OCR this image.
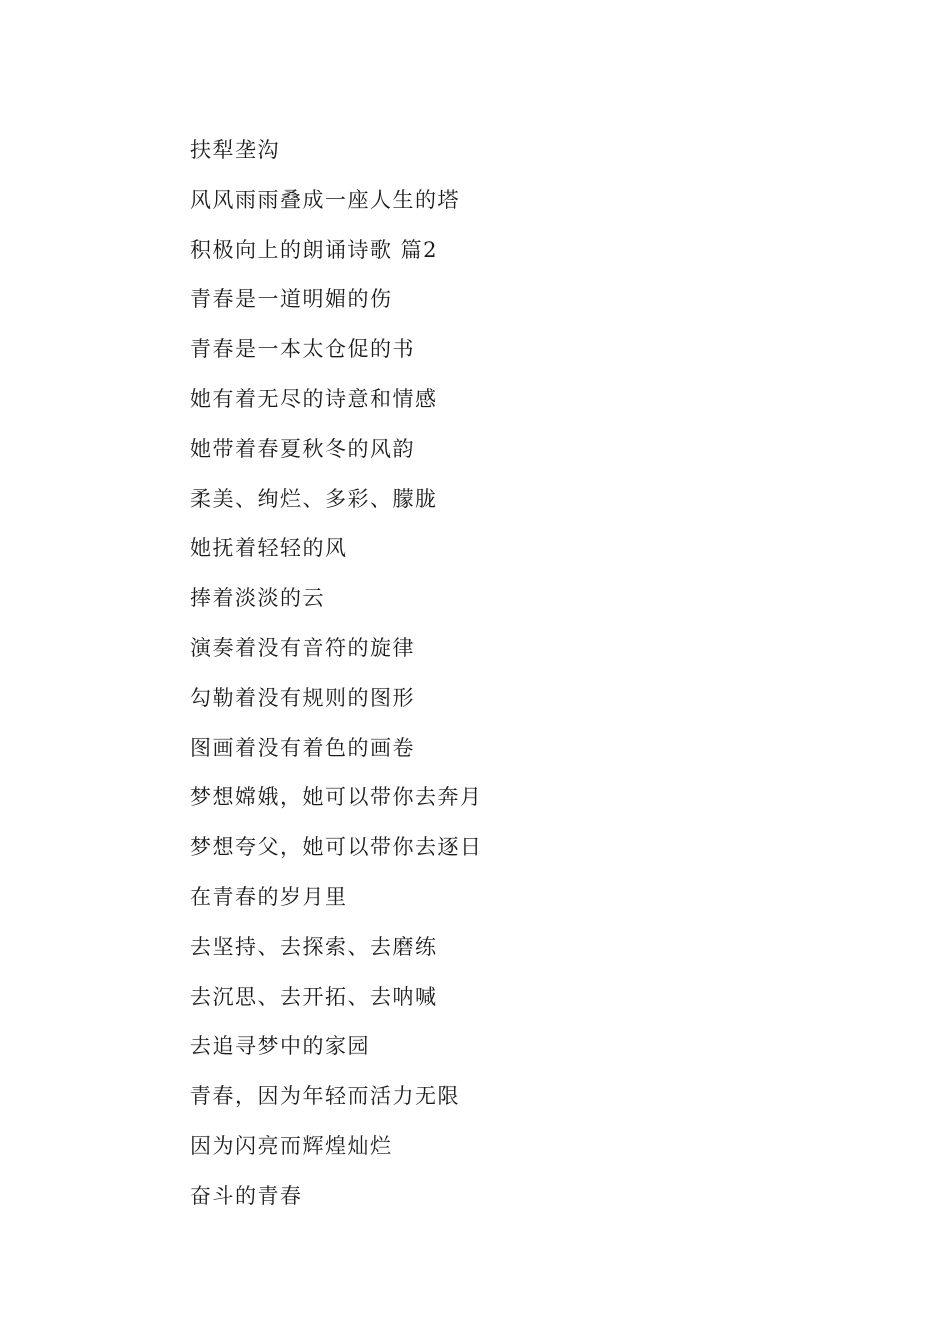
扶犁垄沟
风风雨雨叠成一座人生的塔
积极向上的朗诵诗歌 篇2
青春是一道明媚的伤
青春是一本太仓促的书
她有着无尽的诗意和情感
她带着春夏秋冬的风韵
柔美、绚烂、多彩、朦胧
她抚着轻轻的风
捧着淡淡的云
演奏着没有音符的旋律
勾勒着没有规则的图形
图画着没有着色的画卷
梦想嫦娥，她可以带你去奔月
梦想夸父，她可以带你去逐日
在青春的岁月里
去坚持、去探索、去磨练
去沉思、去开拓、去呐喊
去追寻梦中的家园
青春，因为年轻而活力无限
因为闪亮而辉煌灿烂
奋斗的青春
